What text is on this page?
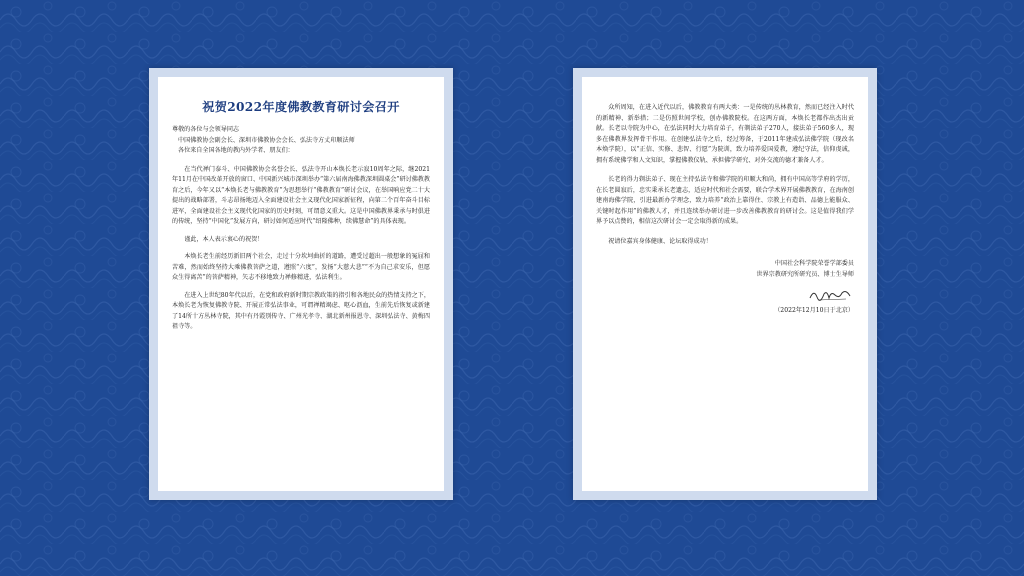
祝贺2022年度佛教教育研讨会召开
尊敬的各位与会领导同志
中国佛教协会副会长、深圳市佛教协会会长、弘法寺方丈印顺法师
各位来自全国各地的教内外学者、朋友们：

在当代禅门泰斗、中国佛教协会名誉会长、弘法寺开山本焕长老示寂10周年之际，继2021年11月在中国改革开放的窗口、中国新兴城市深圳举办“第六届南海佛教深圳圆桌会”研讨佛教教育之后，今年又以“本焕长老与佛教教育”为思想举行“佛教教育”研讨会议，在举国响应党二十大提出的战略部署，斗志昂扬地迈入全面建设社会主义现代化国家新征程，向第二个百年奋斗目标进军，全面建设社会主义现代化国家的历史时刻，可谓意义重大。这是中国佛教界秉承与时俱进的传统，坚持“中国化”发展方向，研讨如何适应时代“绍隆佛种，续佛慧命”的具体表现。

谨此，本人表示衷心的祝贺！

本焕长老生前经历新旧两个社会，走过十分坎坷曲折的道路，遭受过超出一般想象的冤屈和苦难，然而始终坚持大乘佛教菩萨之道，遵照“六度”，发扬“大慈大悲”“不为自己求安乐，但愿众生得离苦”的菩萨精神，矢志不移地致力禅修精进，弘法利生。

在进入上世纪80年代以后，在党和政府新时期宗教政策的指引和各地民众的热情支持之下，本焕长老为恢复佛教寺院、开展正常弘法事业，可谓禅精竭虑、呕心沥血，生前先后恢复或新建了14所十方丛林寺院，其中有丹霞别传寺、广州光孝寺、湖北新州报恩寺、深圳弘法寺、黄梅四祖寺等。

众所周知，在进入近代以后，佛教教育有两大类：一是传统的丛林教育，然而已经注入时代的新精神、新举措；二是仿照世间学校，创办佛教院校。在这两方面，本焕长老都作出杰出贡献。长老以寺院为中心，在弘法同时大力培育弟子，有剃法弟子270人，接法弟子560多人，现多在佛教界发挥骨干作用。在创建弘法寺之后，经过筹备，于2011年建成弘法佛学院（现改名本焕学院），以“正信、实修、悲智、行愿”为院训，致力培养爱国爱教，遵纪守法，信仰虔诚，拥有系统佛学和人文知识，掌握佛教仪轨、承担佛学研究、对外交流的德才兼备人才。

长老的得力剃法弟子、现在主持弘法寺和佛学院的印顺大和尚，拥有中国高等学府的学历，在长老圆寂后，忠实秉承长老遗志，适应时代和社会需要，联合学术界开展佛教教育，在海南创建南海佛学院，引进最新办学理念，致力培养“政治上靠得住、宗教上有造诣、品德上能服众、关键时起作用”的佛教人才，并且连续举办研讨进一步改善佛教教育的研讨会。这是值得我们学界予以点赞的，相信这次研讨会一定会取得新的成果。

祝请位嘉宾身体健康、论坛取得成功！

中国社会科学院荣誉学部委员
世界宗教研究所研究员、博士生导师
（2022年12月10日于北京）
